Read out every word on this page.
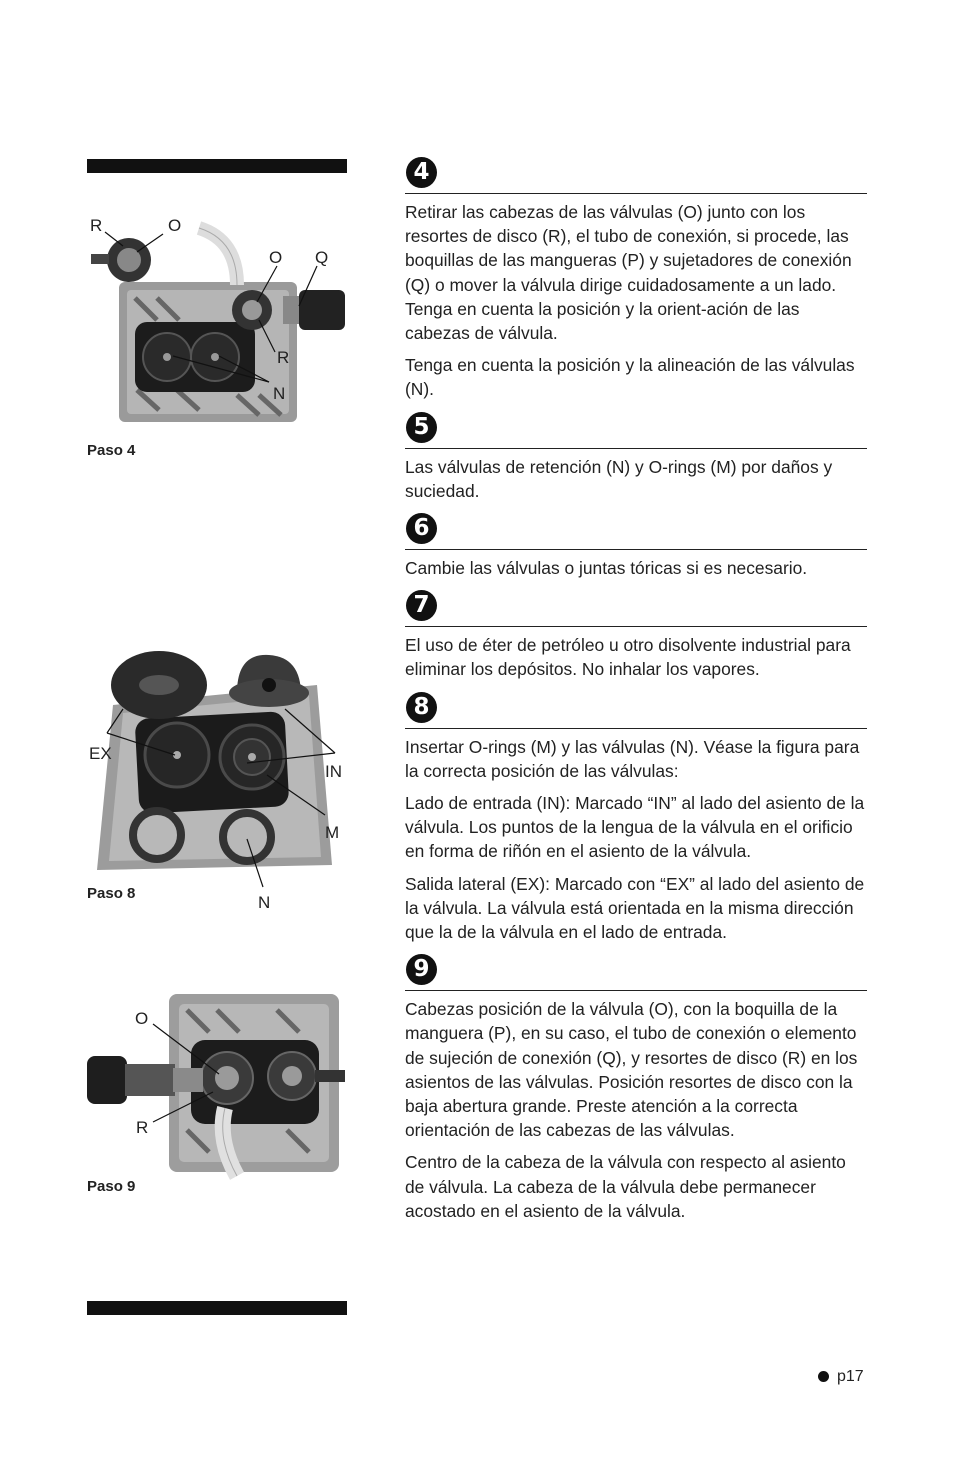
R	O
O Q
R
N
Paso 4
EX
IN
M
N
Paso 8
O
R
Paso 9
4

Retirar las cabezas de las válvulas (O) junto con los resortes de disco (R), el tubo de conexión, si procede, las boquillas de las mangueras (P) y sujetadores de conexión (Q) o mover la válvula dirige cuidadosamente a un lado. Tenga en cuenta la posición y la orient-ación de las cabezas de válvula.

Tenga en cuenta la posición y la alineación de las válvulas (N).

5

Las válvulas de retención (N) y O-rings (M) por daños y suciedad.

6

Cambie las válvulas o juntas tóricas si es necesario.

7

El uso de éter de petróleo u otro disolvente industrial para eliminar los depósitos. No inhalar los vapores.

8

Insertar O-rings (M) y las válvulas (N). Véase la figura para la correcta posición de las válvulas:

Lado de entrada (IN): Marcado “IN” al lado del asiento de la válvula. Los puntos de la lengua de la válvula en el orificio en forma de riñón en el asiento de la válvula.

Salida lateral (EX): Marcado con “EX” al lado del asiento de la válvula. La válvula está orientada en la misma dirección que la de la válvula en el lado de entrada.

9

Cabezas posición de la válvula (O), con la boquilla de la manguera (P), en su caso, el tubo de conexión o elemento de sujeción de conexión (Q), y resortes de disco (R) en los asientos de las válvulas. Posición resortes de disco con la baja abertura grande. Preste atención a la correcta orientación de las cabezas de las válvulas.

Centro de la cabeza de la válvula con respecto al asiento de válvula. La cabeza de la válvula debe permanecer acostado en el asiento de la válvula.

p17
